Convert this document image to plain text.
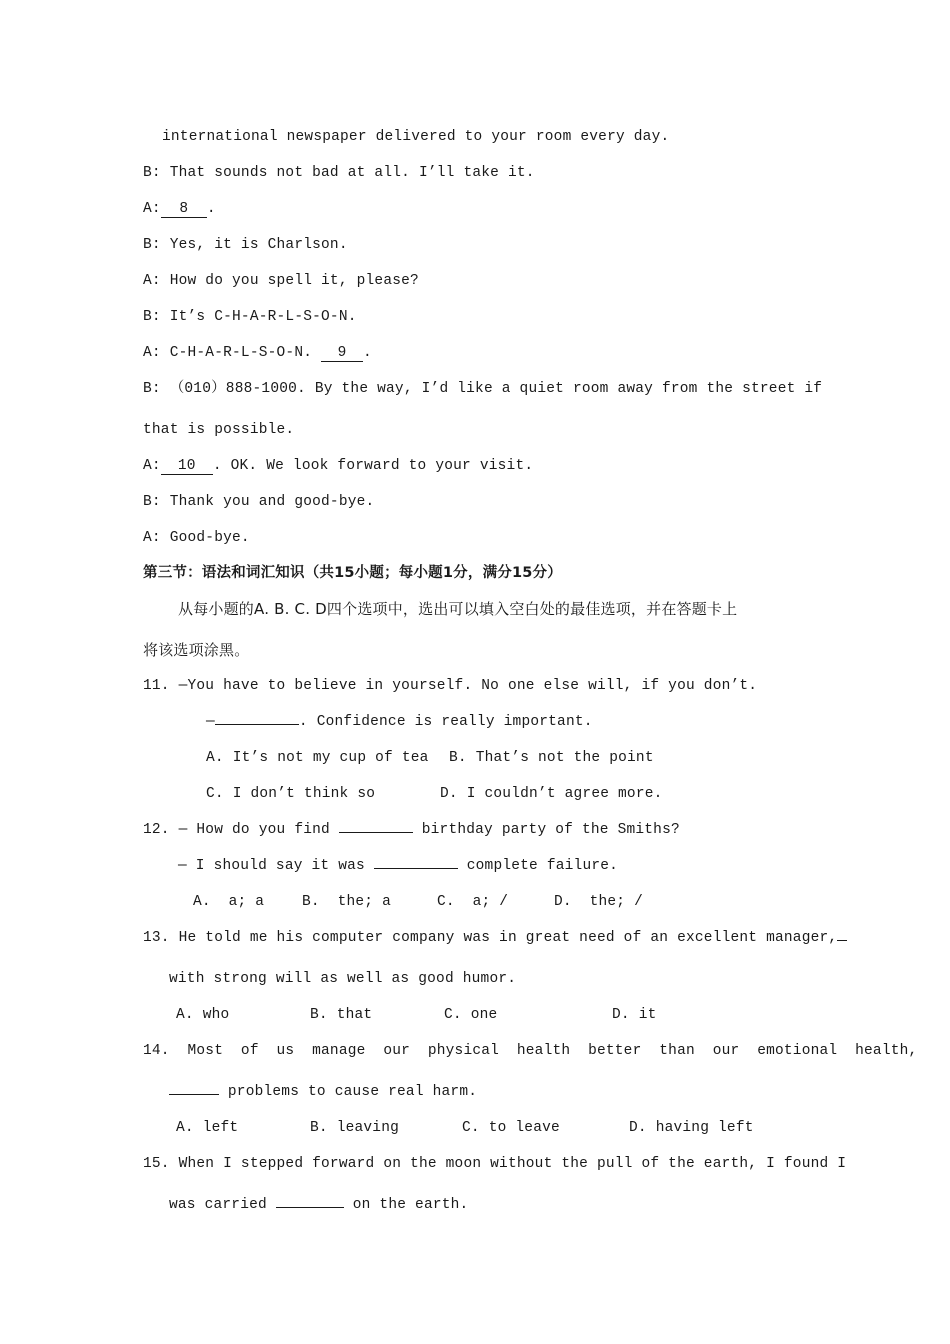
international newspaper delivered to your room every day.
B: That sounds not bad at all. I’ll take it.
A: 8 .
B: Yes, it is Charlson.
A: How do you spell it, please?
B: It’s C-H-A-R-L-S-O-N.
A: C-H-A-R-L-S-O-N. 9 .
B: （010）888-1000. By the way, I’d like a quiet room away from the street if
that is possible.
A: 10 . OK. We look forward to your visit.
B: Thank you and good-bye.
A: Good-bye.
第三节：语法和词汇知识（共15小题；每小题1分，满分15分）
从每小题的A. B. C. D四个选项中，选出可以填入空白处的最佳选项，并在答题卡上
将该选项涂黑。
11. —You have to believe in yourself. No one else will, if you don’t.
—	. Confidence is really important.
A. It’s not my cup of tea B. That’s not the point
C. I don’t think so	D. I couldn’t agree more.
12. — How do you find	birthday party of the Smiths?
— I should say it was	complete failure.
A.  a; a	B.  the; a	C.  a; /	D.  the; /
13. He told me his computer company was in great need of an excellent manager,
with strong will as well as good humor.
A. who	B. that	C. one	D. it
14.  Most  of  us  manage  our  physical  health  better  than  our  emotional  health,
problems to cause real harm.
A. left	B. leaving	C. to leave	D. having left
15. When I stepped forward on the moon without the pull of the earth, I found I
was carried	on the earth.
